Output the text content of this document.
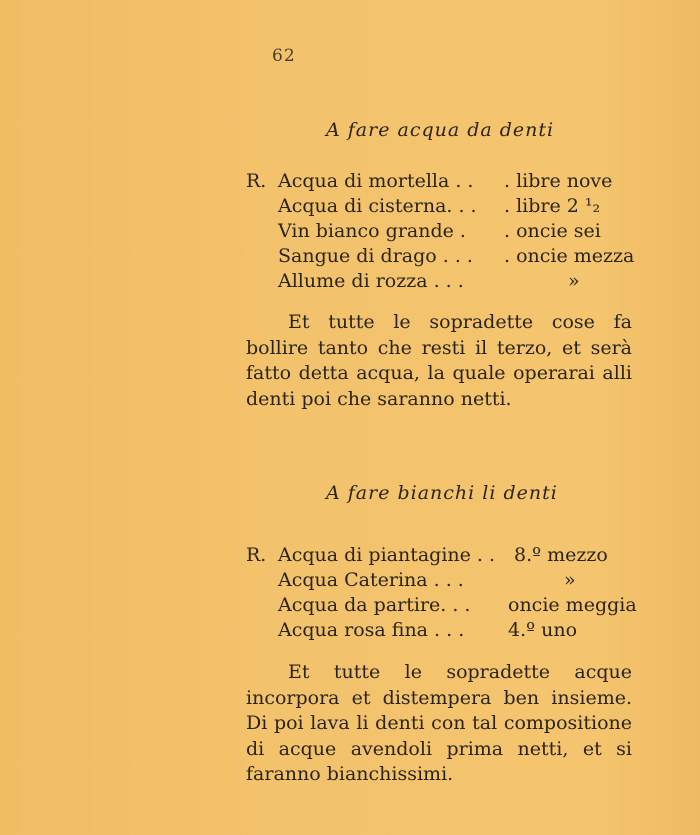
62
A fare acqua da denti
R. Acqua di mortella . . . libre nove
Acqua di cisterna. . . . libre 2 ¹₂
Vin bianco grande . . oncie sei
Sangue di drago . . . . oncie mezza
Allume di rozza . . .	»
Et tutte le sopradette cose fa bollire tanto che resti il terzo, et serà fatto detta acqua, la quale operarai alli denti poi che saranno netti.
A fare bianchi li denti
R. Acqua di piantagine . . 8.º mezzo
Acqua Caterina . . .	»
Acqua da partire. . . oncie meggia
Acqua rosa fina . . . 4.º uno
Et tutte le sopradette acque incorpora et distempera ben insieme. Di poi lava li denti con tal compositione di acque avendoli prima netti, et si faranno bianchissimi.
